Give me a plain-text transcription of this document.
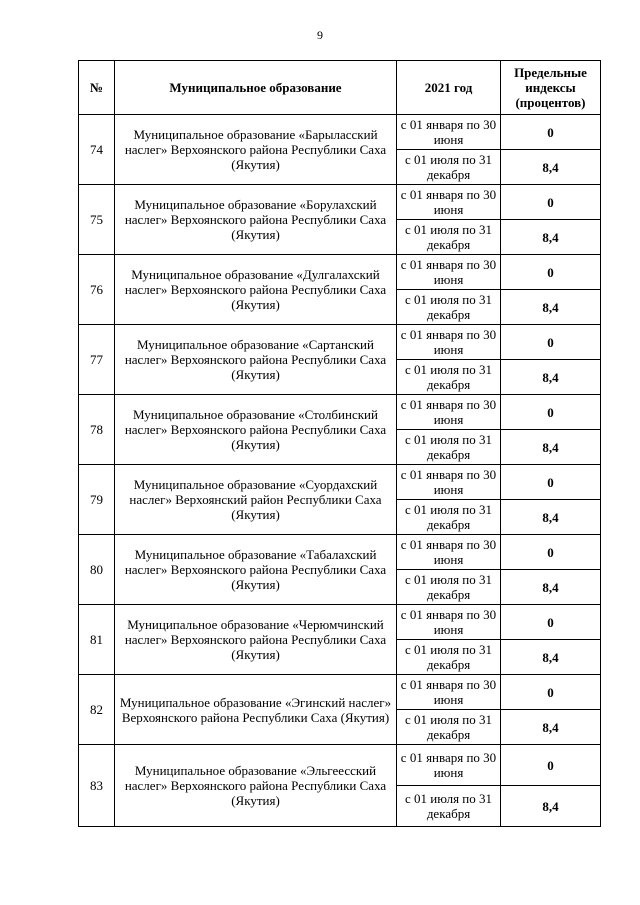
9
№	Муниципальное образование	2021 год	Предельные индексы (процентов)
74	Муниципальное образование «Барыласский наслег» Верхоянского района Республики Саха (Якутия)	с 01 января по 30 июня	0
		с 01 июля по 31 декабря	8,4
75	Муниципальное образование «Борулахский наслег» Верхоянского района Республики Саха (Якутия)	с 01 января по 30 июня	0
		с 01 июля по 31 декабря	8,4
76	Муниципальное образование «Дулгалахский наслег» Верхоянского района Республики Саха (Якутия)	с 01 января по 30 июня	0
		с 01 июля по 31 декабря	8,4
77	Муниципальное образование «Сартанский наслег» Верхоянского района Республики Саха (Якутия)	с 01 января по 30 июня	0
		с 01 июля по 31 декабря	8,4
78	Муниципальное образование «Столбинский наслег» Верхоянского района Республики Саха (Якутия)	с 01 января по 30 июня	0
		с 01 июля по 31 декабря	8,4
79	Муниципальное образование «Суордахский наслег» Верхоянский район Республики Саха (Якутия)	с 01 января по 30 июня	0
		с 01 июля по 31 декабря	8,4
80	Муниципальное образование «Табалахский наслег» Верхоянского района Республики Саха (Якутия)	с 01 января по 30 июня	0
		с 01 июля по 31 декабря	8,4
81	Муниципальное образование «Черюмчинский наслег» Верхоянского района Республики Саха (Якутия)	с 01 января по 30 июня	0
		с 01 июля по 31 декабря	8,4
82	Муниципальное образование «Эгинский наслег» Верхоянского района Республики Саха (Якутия)	с 01 января по 30 июня	0
		с 01 июля по 31 декабря	8,4
83	Муниципальное образование «Эльгеесский наслег» Верхоянского района Республики Саха (Якутия)	с 01 января по 30 июня	0
		с 01 июля по 31 декабря	8,4
